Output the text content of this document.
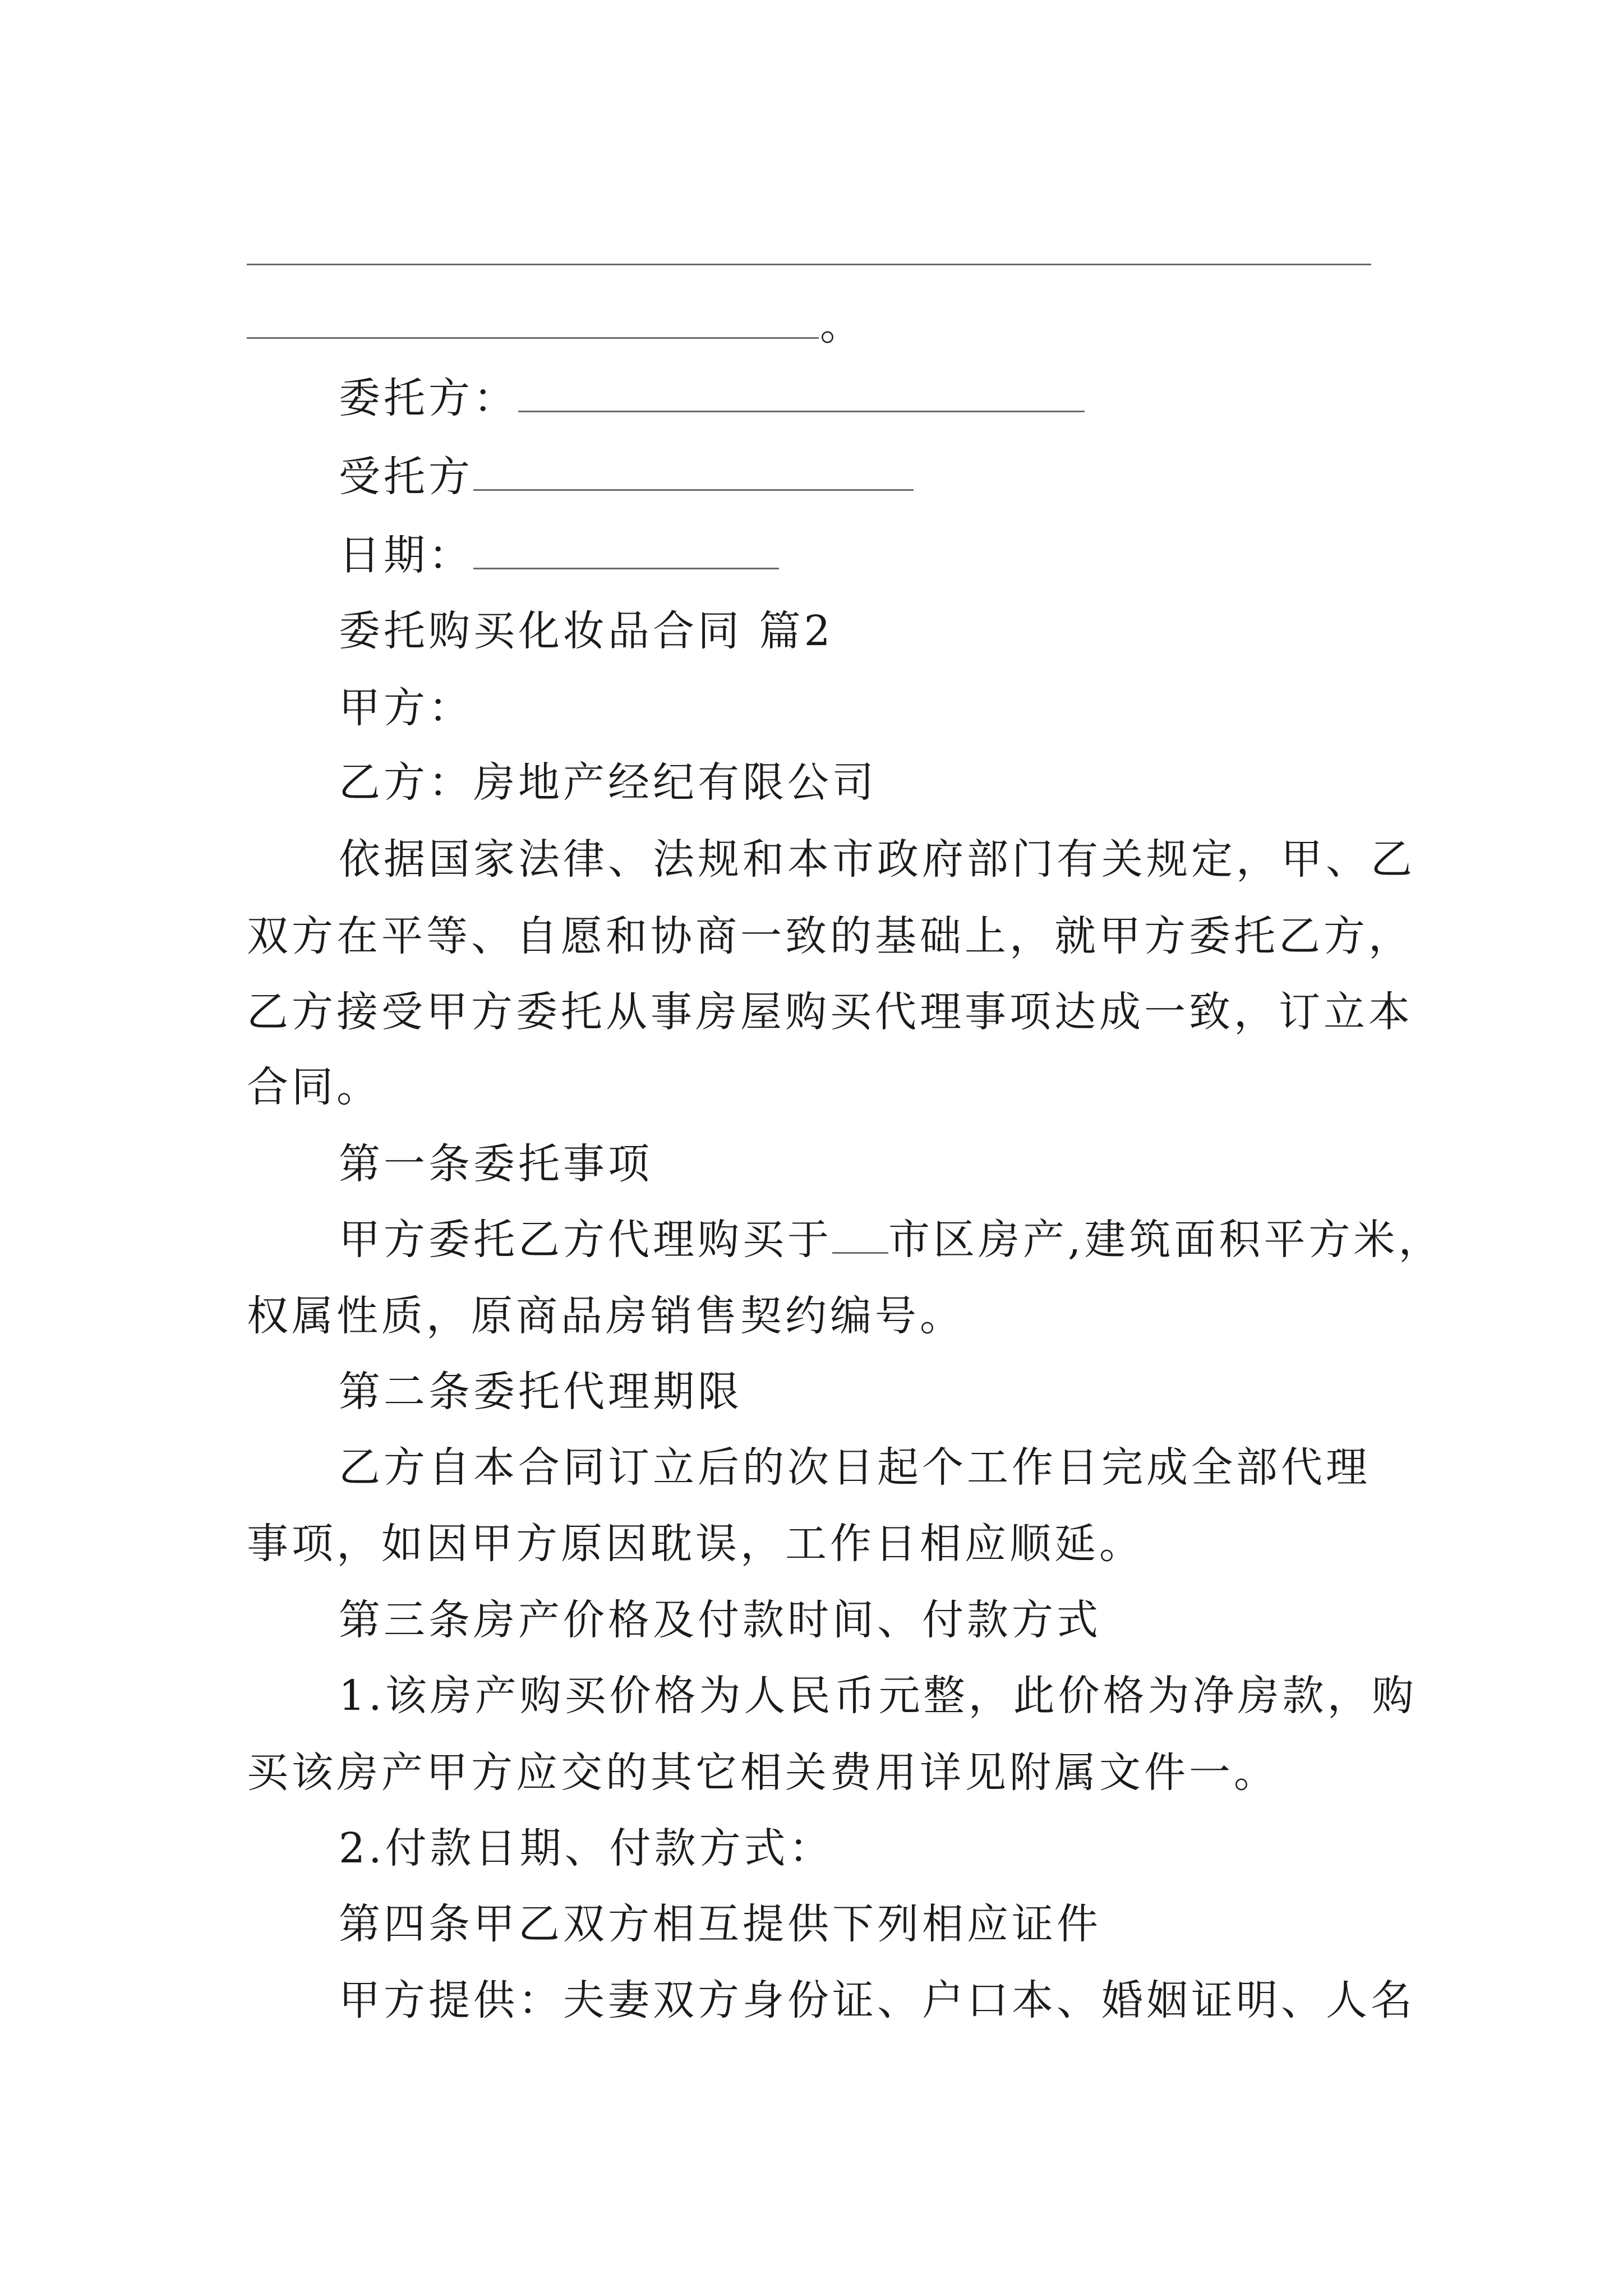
。
委托方：
受托方
日期：
委托购买化妆品合同 篇2
甲方：
乙方：房地产经纪有限公司
依据国家法律、法规和本市政府部门有关规定，甲、乙
双方在平等、自愿和协商一致的基础上，就甲方委托乙方，
乙方接受甲方委托从事房屋购买代理事项达成一致，订立本
合同。
第一条委托事项
甲方委托乙方代理购买于 市区房产,建筑面积平方米，
权属性质，原商品房销售契约编号。
第二条委托代理期限
乙方自本合同订立后的次日起个工作日完成全部代理
事项，如因甲方原因耽误，工作日相应顺延。
第三条房产价格及付款时间、付款方式
1.该房产购买价格为人民币元整，此价格为净房款，购
买该房产甲方应交的其它相关费用详见附属文件一。
2.付款日期、付款方式：
第四条甲乙双方相互提供下列相应证件
甲方提供：夫妻双方身份证、户口本、婚姻证明、人名
